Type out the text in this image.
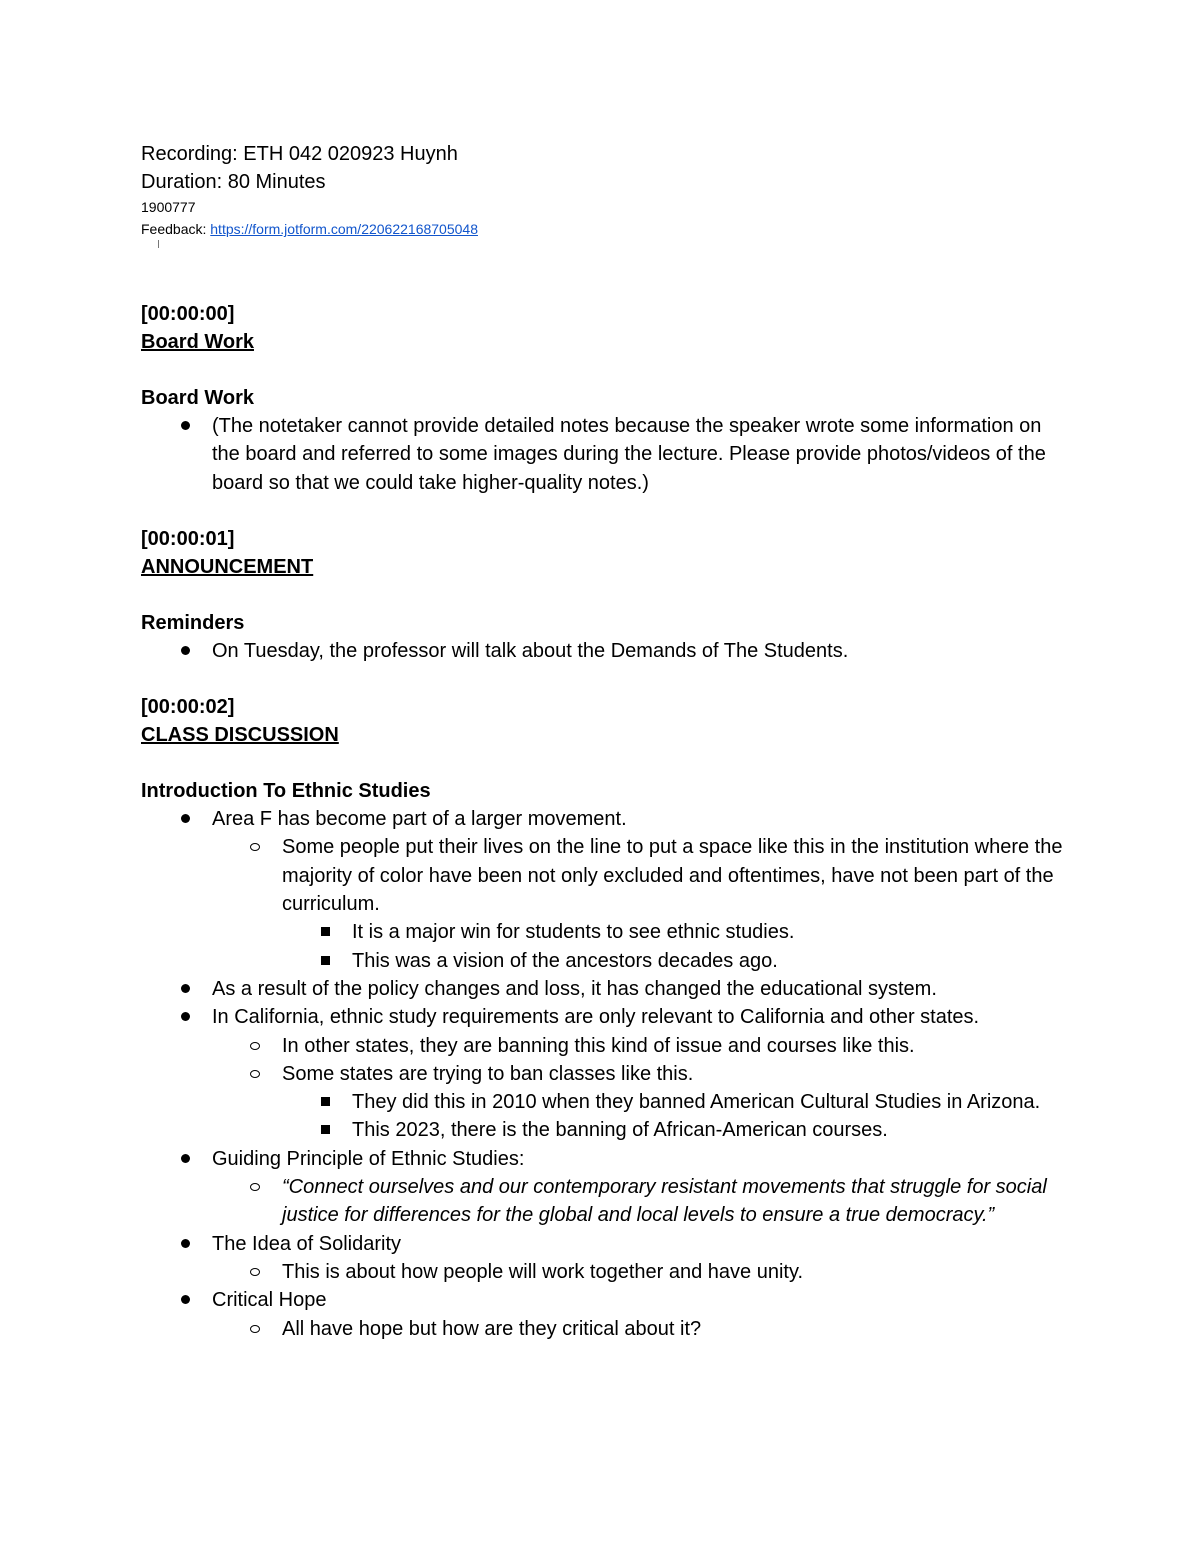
Recording: ETH 042 020923 Huynh
Duration: 80 Minutes
1900777
Feedback: https://form.jotform.com/220622168705048
[00:00:00]
Board Work
Board Work
(The notetaker cannot provide detailed notes because the speaker wrote some information on the board and referred to some images during the lecture. Please provide photos/videos of the board so that we could take higher-quality notes.)
[00:00:01]
ANNOUNCEMENT
Reminders
On Tuesday, the professor will talk about the Demands of The Students.
[00:00:02]
CLASS DISCUSSION
Introduction To Ethnic Studies
Area F has become part of a larger movement.
Some people put their lives on the line to put a space like this in the institution where the majority of color have been not only excluded and oftentimes, have not been part of the curriculum.
It is a major win for students to see ethnic studies.
This was a vision of the ancestors decades ago.
As a result of the policy changes and loss, it has changed the educational system.
In California, ethnic study requirements are only relevant to California and other states.
In other states, they are banning this kind of issue and courses like this.
Some states are trying to ban classes like this.
They did this in 2010 when they banned American Cultural Studies in Arizona.
This 2023, there is the banning of African-American courses.
Guiding Principle of Ethnic Studies:
“Connect ourselves and our contemporary resistant movements that struggle for social justice for differences for the global and local levels to ensure a true democracy.”
The Idea of Solidarity
This is about how people will work together and have unity.
Critical Hope
All have hope but how are they critical about it?
